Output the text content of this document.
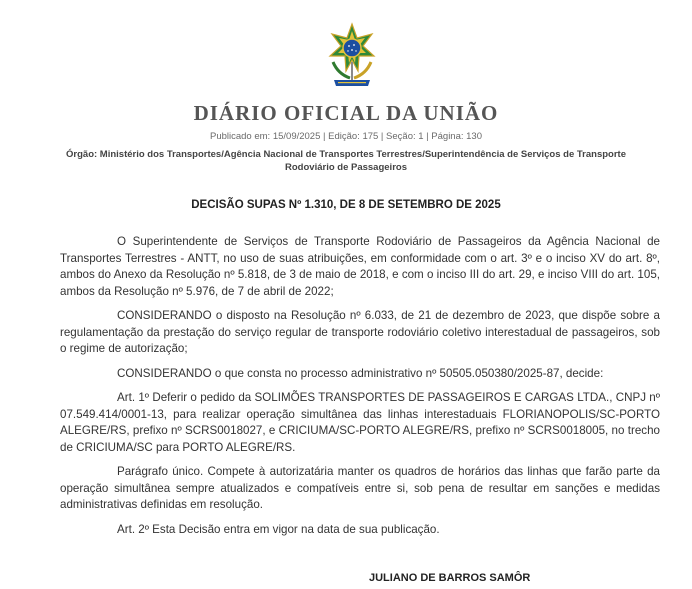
DIÁRIO OFICIAL DA UNIÃO
Publicado em: 15/09/2025 | Edição: 175 | Seção: 1 | Página: 130
Órgão: Ministério dos Transportes/Agência Nacional de Transportes Terrestres/Superintendência de Serviços de Transporte Rodoviário de Passageiros
DECISÃO SUPAS Nº 1.310, DE 8 DE SETEMBRO DE 2025

O Superintendente de Serviços de Transporte Rodoviário de Passageiros da Agência Nacional de Transportes Terrestres - ANTT, no uso de suas atribuições, em conformidade com o art. 3º e o inciso XV do art. 8º, ambos do Anexo da Resolução nº 5.818, de 3 de maio de 2018, e com o inciso III do art. 29, e inciso VIII do art. 105, ambos da Resolução nº 5.976, de 7 de abril de 2022;

CONSIDERANDO o disposto na Resolução nº 6.033, de 21 de dezembro de 2023, que dispõe sobre a regulamentação da prestação do serviço regular de transporte rodoviário coletivo interestadual de passageiros, sob o regime de autorização;

CONSIDERANDO o que consta no processo administrativo nº 50505.050380/2025-87, decide:

Art. 1º Deferir o pedido da SOLIMÕES TRANSPORTES DE PASSAGEIROS E CARGAS LTDA., CNPJ nº 07.549.414/0001-13, para realizar operação simultânea das linhas interestaduais FLORIANOPOLIS/SC-PORTO ALEGRE/RS, prefixo nº SCRS0018027, e CRICIUMA/SC-PORTO ALEGRE/RS, prefixo nº SCRS0018005, no trecho de CRICIUMA/SC para PORTO ALEGRE/RS.

Parágrafo único. Compete à autorizatária manter os quadros de horários das linhas que farão parte da operação simultânea sempre atualizados e compatíveis entre si, sob pena de resultar em sanções e medidas administrativas definidas em resolução.

Art. 2º Esta Decisão entra em vigor na data de sua publicação.

JULIANO DE BARROS SAMÔR
